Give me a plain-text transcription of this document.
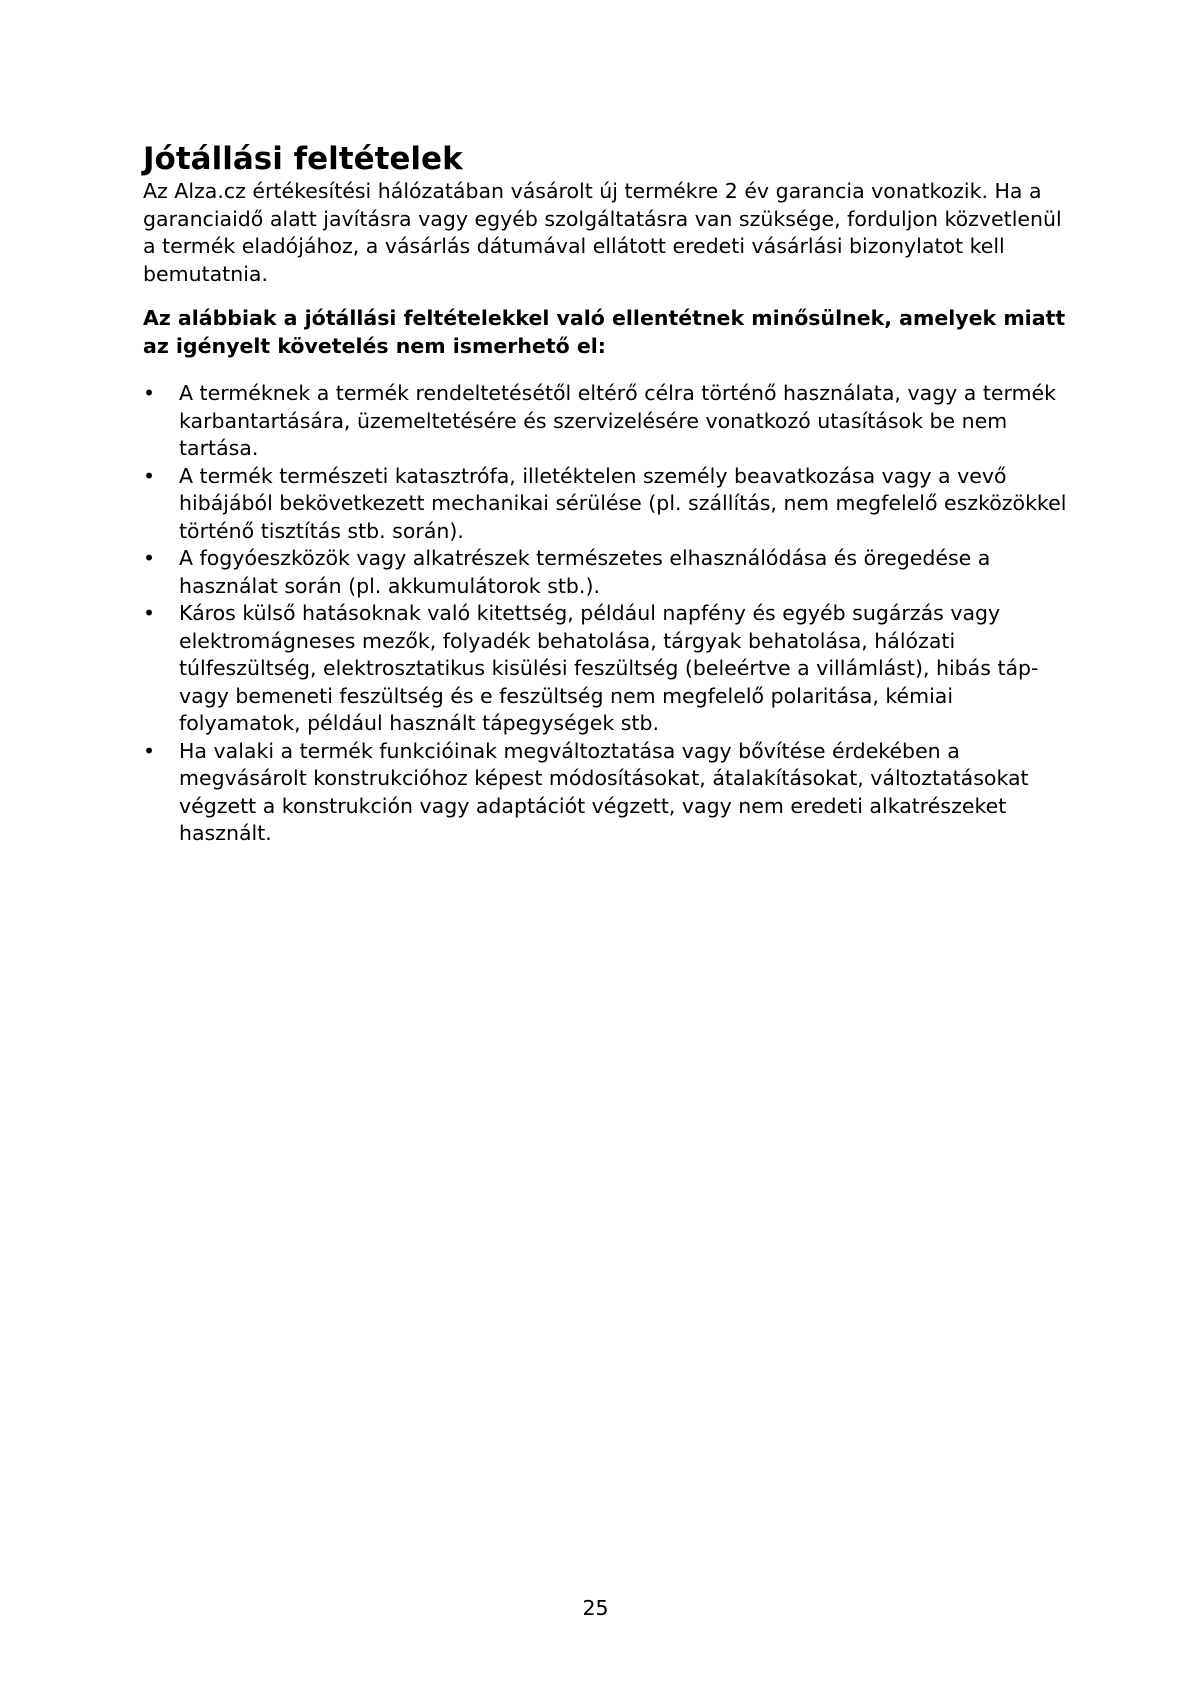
Jótállási feltételek

Az Alza.cz értékesítési hálózatában vásárolt új termékre 2 év garancia vonatkozik. Ha a garanciaidő alatt javításra vagy egyéb szolgáltatásra van szüksége, forduljon közvetlenül a termék eladójához, a vásárlás dátumával ellátott eredeti vásárlási bizonylatot kell bemutatnia.

Az alábbiak a jótállási feltételekkel való ellentétnek minősülnek, amelyek miatt az igényelt követelés nem ismerhető el:

• A terméknek a termék rendeltetésétől eltérő célra történő használata, vagy a termék karbantartására, üzemeltetésére és szervizelésére vonatkozó utasítások be nem tartása.
• A termék természeti katasztrófa, illetéktelen személy beavatkozása vagy a vevő hibájából bekövetkezett mechanikai sérülése (pl. szállítás, nem megfelelő eszközökkel történő tisztítás stb. során).
• A fogyóeszközök vagy alkatrészek természetes elhasználódása és öregedése a használat során (pl. akkumulátorok stb.).
• Káros külső hatásoknak való kitettség, például napfény és egyéb sugárzás vagy elektromágneses mezők, folyadék behatolása, tárgyak behatolása, hálózati túlfeszültség, elektrosztatikus kisülési feszültség (beleértve a villámlást), hibás táp- vagy bemeneti feszültség és e feszültség nem megfelelő polaritása, kémiai folyamatok, például használt tápegységek stb.
• Ha valaki a termék funkcióinak megváltoztatása vagy bővítése érdekében a megvásárolt konstrukcióhoz képest módosításokat, átalakításokat, változtatásokat végzett a konstrukción vagy adaptációt végzett, vagy nem eredeti alkatrészeket használt.
25
